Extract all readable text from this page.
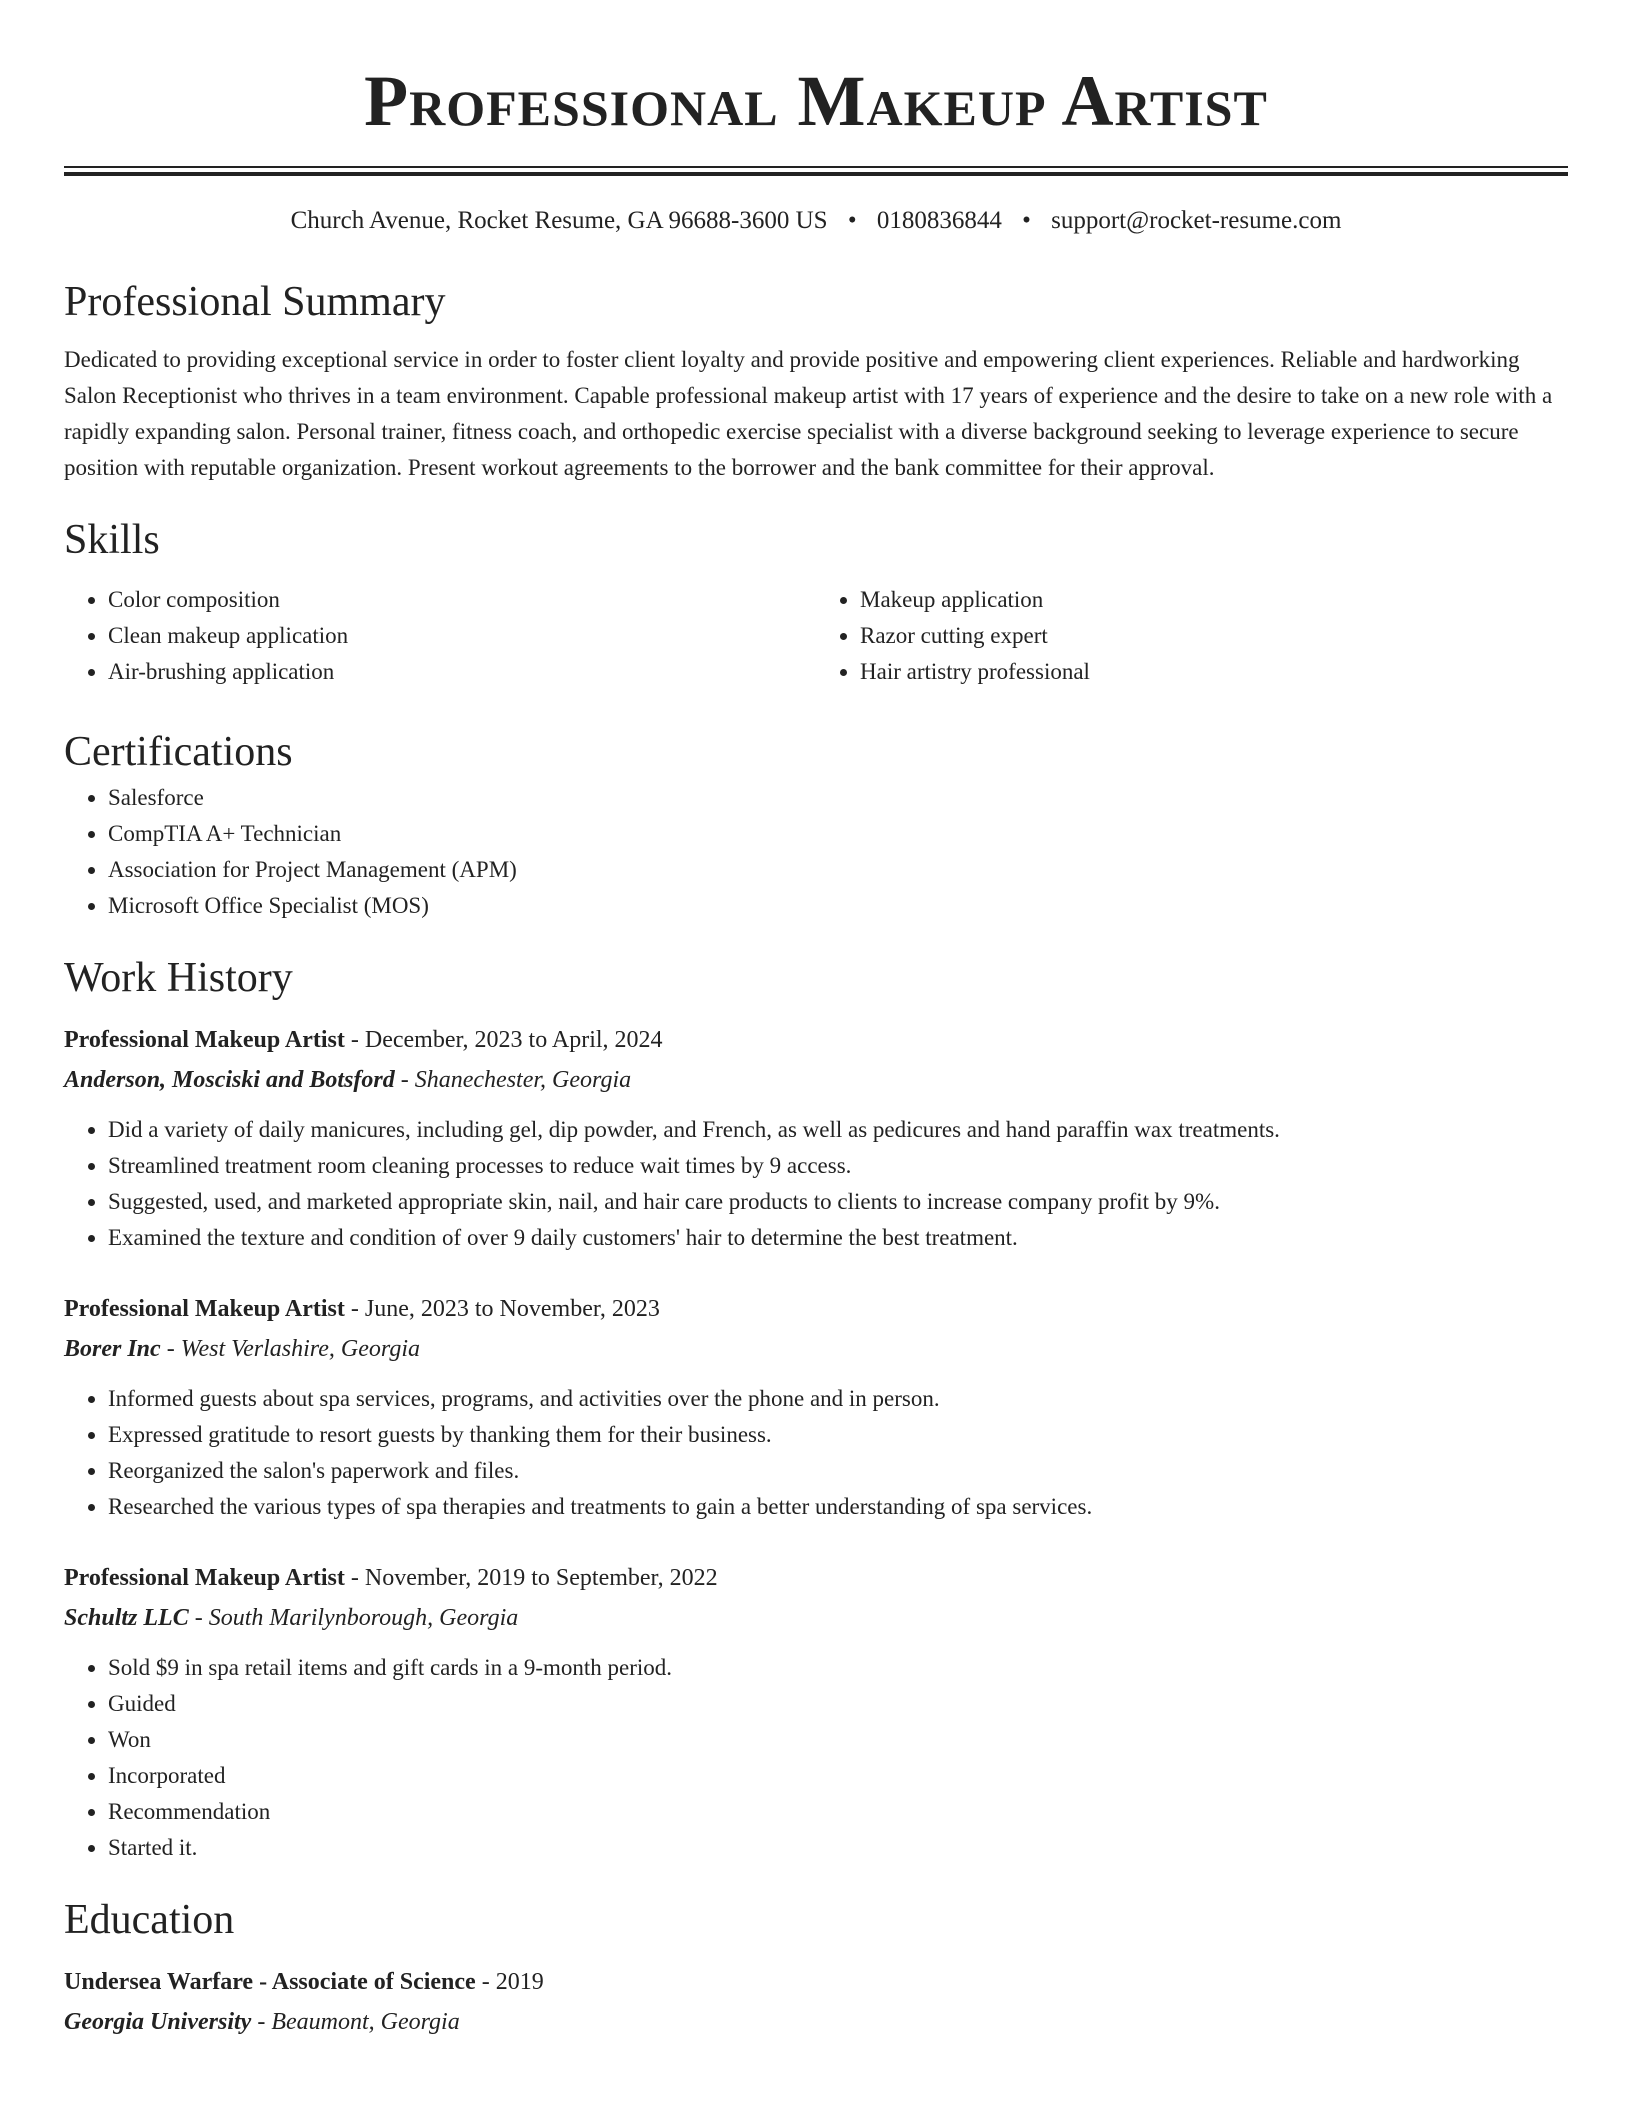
Professional Makeup Artist
Church Avenue, Rocket Resume, GA 96688-3600 US • 0180836844 • support@rocket-resume.com
Professional Summary

Dedicated to providing exceptional service in order to foster client loyalty and provide positive and empowering client experiences. Reliable and hardworking Salon Receptionist who thrives in a team environment. Capable professional makeup artist with 17 years of experience and the desire to take on a new role with a rapidly expanding salon. Personal trainer, fitness coach, and orthopedic exercise specialist with a diverse background seeking to leverage experience to secure position with reputable organization. Present workout agreements to the borrower and the bank committee for their approval.

Skills
• Color composition
• Clean makeup application
• Air-brushing application
• Makeup application
• Razor cutting expert
• Hair artistry professional
Certifications
• Salesforce
• CompTIA A+ Technician
• Association for Project Management (APM)
• Microsoft Office Specialist (MOS)
Work History
Professional Makeup Artist - December, 2023 to April, 2024
Anderson, Mosciski and Botsford - Shanechester, Georgia
• Did a variety of daily manicures, including gel, dip powder, and French, as well as pedicures and hand paraffin wax treatments.
• Streamlined treatment room cleaning processes to reduce wait times by 9 access.
• Suggested, used, and marketed appropriate skin, nail, and hair care products to clients to increase company profit by 9%.
• Examined the texture and condition of over 9 daily customers' hair to determine the best treatment.
Professional Makeup Artist - June, 2023 to November, 2023
Borer Inc - West Verlashire, Georgia
• Informed guests about spa services, programs, and activities over the phone and in person.
• Expressed gratitude to resort guests by thanking them for their business.
• Reorganized the salon's paperwork and files.
• Researched the various types of spa therapies and treatments to gain a better understanding of spa services.
Professional Makeup Artist - November, 2019 to September, 2022
Schultz LLC - South Marilynborough, Georgia
• Sold $9 in spa retail items and gift cards in a 9-month period.
• Guided
• Won
• Incorporated
• Recommendation
• Started it.
Education
Undersea Warfare - Associate of Science - 2019
Georgia University - Beaumont, Georgia
